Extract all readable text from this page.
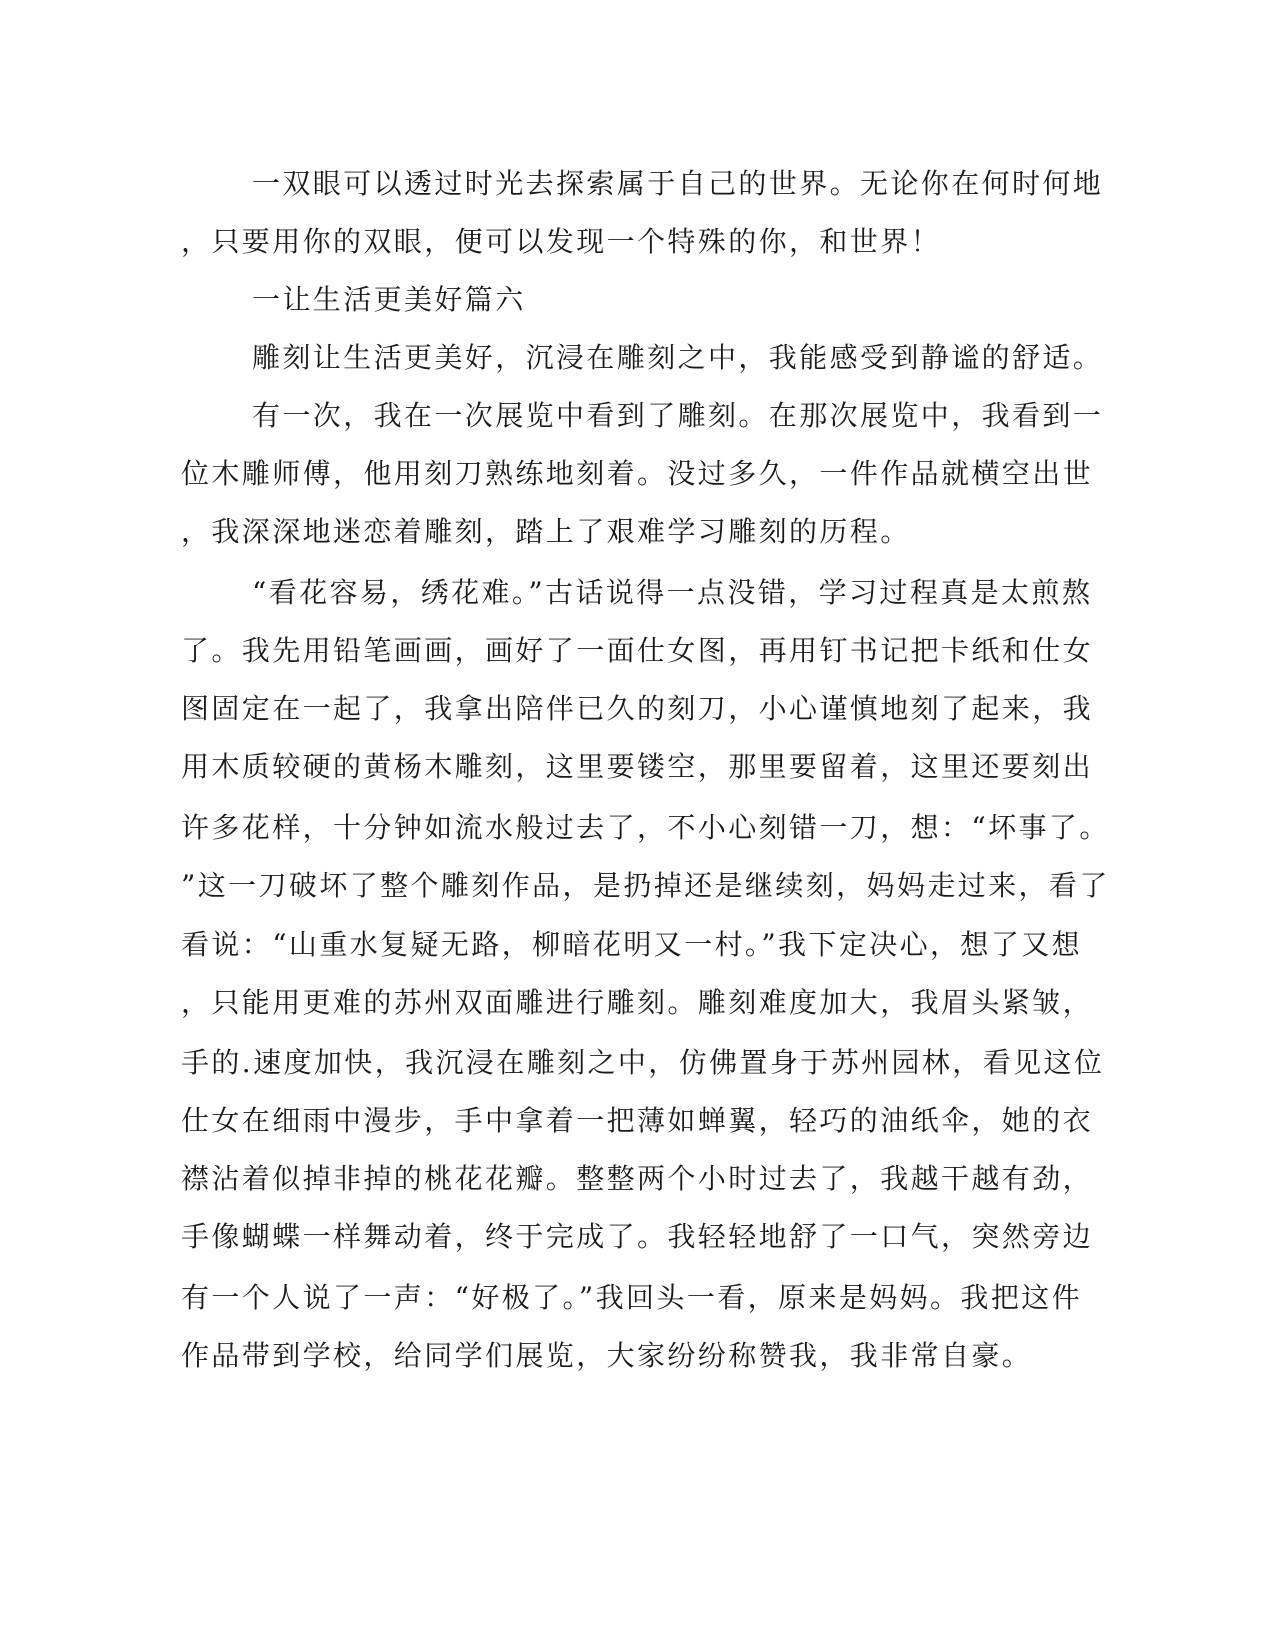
一双眼可以透过时光去探索属于自己的世界。无论你在何时何地
，只要用你的双眼，便可以发现一个特殊的你，和世界！
一让生活更美好篇六
雕刻让生活更美好，沉浸在雕刻之中，我能感受到静谧的舒适。
有一次，我在一次展览中看到了雕刻。在那次展览中，我看到一
位木雕师傅，他用刻刀熟练地刻着。没过多久，一件作品就横空出世
，我深深地迷恋着雕刻，踏上了艰难学习雕刻的历程。
“看花容易，绣花难。”古话说得一点没错，学习过程真是太煎熬
了。我先用铅笔画画，画好了一面仕女图，再用钉书记把卡纸和仕女
图固定在一起了，我拿出陪伴已久的刻刀，小心谨慎地刻了起来，我
用木质较硬的黄杨木雕刻，这里要镂空，那里要留着，这里还要刻出
许多花样，十分钟如流水般过去了，不小心刻错一刀，想：“坏事了。
”这一刀破坏了整个雕刻作品，是扔掉还是继续刻，妈妈走过来，看了
看说：“山重水复疑无路，柳暗花明又一村。”我下定决心，想了又想
，只能用更难的苏州双面雕进行雕刻。雕刻难度加大，我眉头紧皱，
手的.速度加快，我沉浸在雕刻之中，仿佛置身于苏州园林，看见这位
仕女在细雨中漫步，手中拿着一把薄如蝉翼，轻巧的油纸伞，她的衣
襟沾着似掉非掉的桃花花瓣。整整两个小时过去了，我越干越有劲，
手像蝴蝶一样舞动着，终于完成了。我轻轻地舒了一口气，突然旁边
有一个人说了一声：“好极了。”我回头一看，原来是妈妈。我把这件
作品带到学校，给同学们展览，大家纷纷称赞我，我非常自豪。
